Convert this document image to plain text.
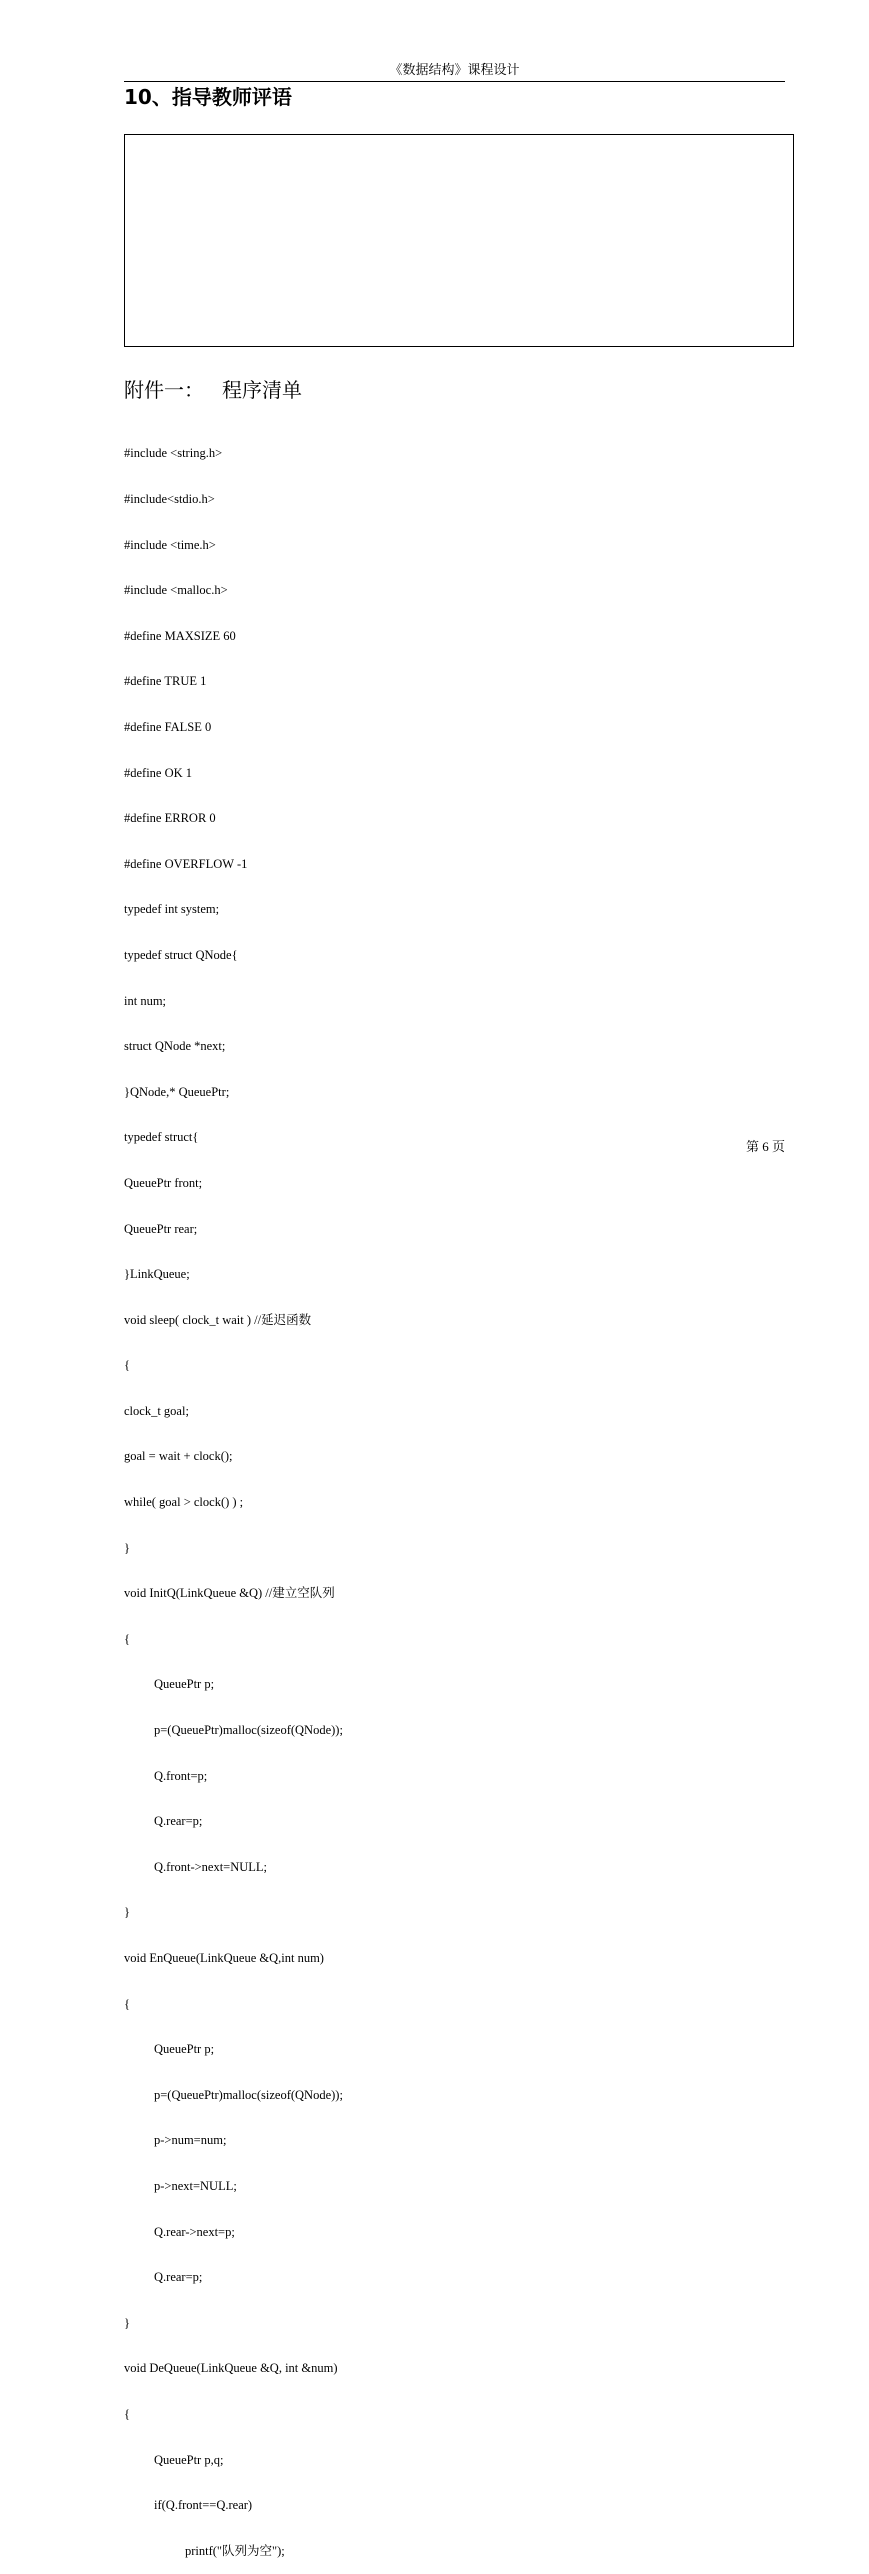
《数据结构》课程设计
10、指导教师评语
附件一： 程序清单

#include <string.h>

#include<stdio.h>

#include <time.h>

#include <malloc.h>

#define MAXSIZE 60

#define TRUE 1

#define FALSE 0

#define OK 1

#define ERROR 0

#define OVERFLOW -1

typedef int system;

typedef struct QNode{

int num;

struct QNode *next;

}QNode,* QueuePtr;

typedef struct{

QueuePtr front;

QueuePtr rear;

}LinkQueue;

void sleep( clock_t wait ) //延迟函数

{

clock_t goal;

goal = wait + clock();

while( goal > clock() ) ;

}

void InitQ(LinkQueue &Q) //建立空队列

{

QueuePtr p;

p=(QueuePtr)malloc(sizeof(QNode));

Q.front=p;

Q.rear=p;

Q.front->next=NULL;

}

void EnQueue(LinkQueue &Q,int num)

{

QueuePtr p;

p=(QueuePtr)malloc(sizeof(QNode));

p->num=num;

p->next=NULL;

Q.rear->next=p;

Q.rear=p;

}

void DeQueue(LinkQueue &Q, int &num)

{

QueuePtr p,q;

if(Q.front==Q.rear)

printf("队列为空");

第 6 页
